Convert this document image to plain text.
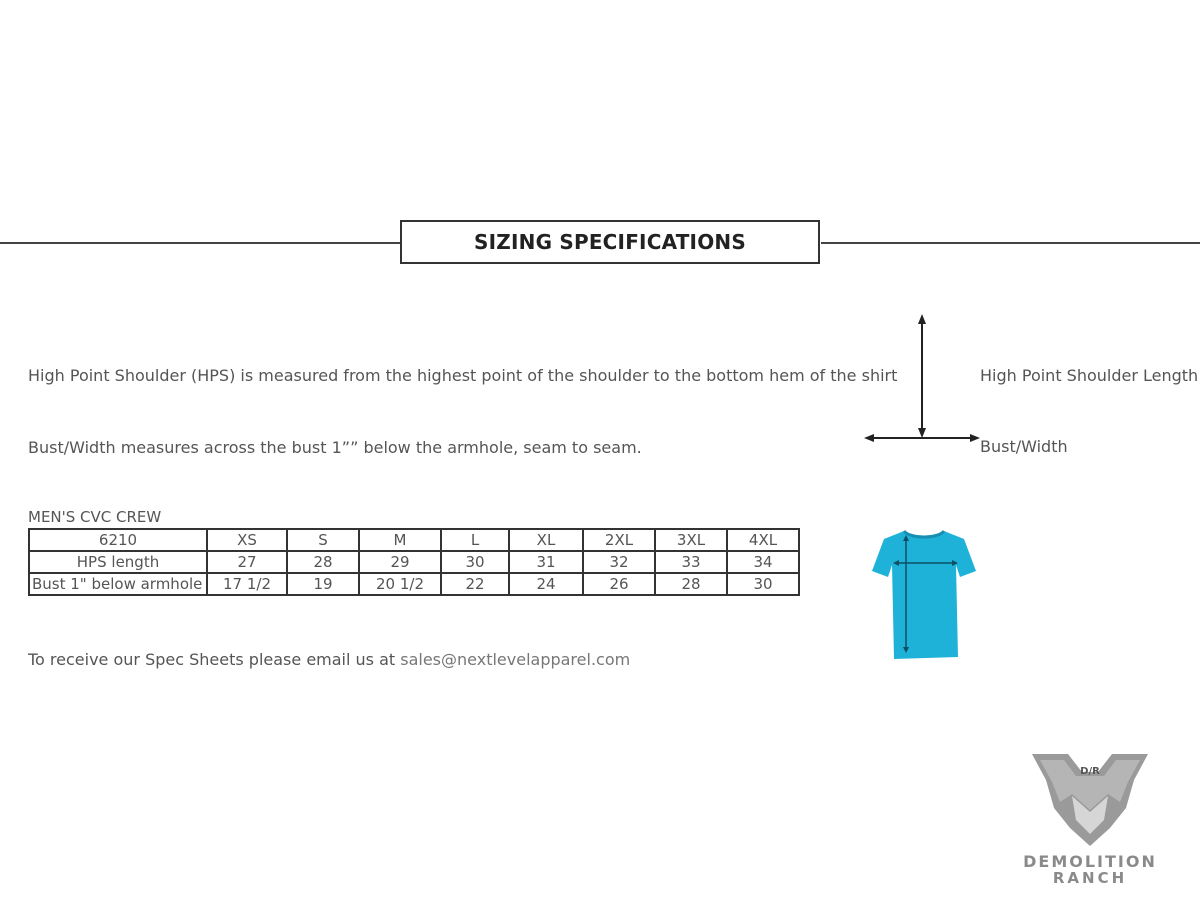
SIZING SPECIFICATIONS
High Point Shoulder (HPS) is measured from the highest point of the shoulder to the bottom hem of the shirt
Bust/Width measures across the bust 1”” below the armhole, seam to seam.
High Point Shoulder Length
Bust/Width
MEN'S CVC CREW
6210	XS	S	M	L	XL	2XL	3XL	4XL
HPS length	27	28	29	30	31	32	33	34
Bust 1" below armhole	17 1/2	19	20 1/2	22	24	26	28	30
To receive our Spec Sheets please email us at sales@nextlevelapparel.com
D/R
DEMOLITION
RANCH
